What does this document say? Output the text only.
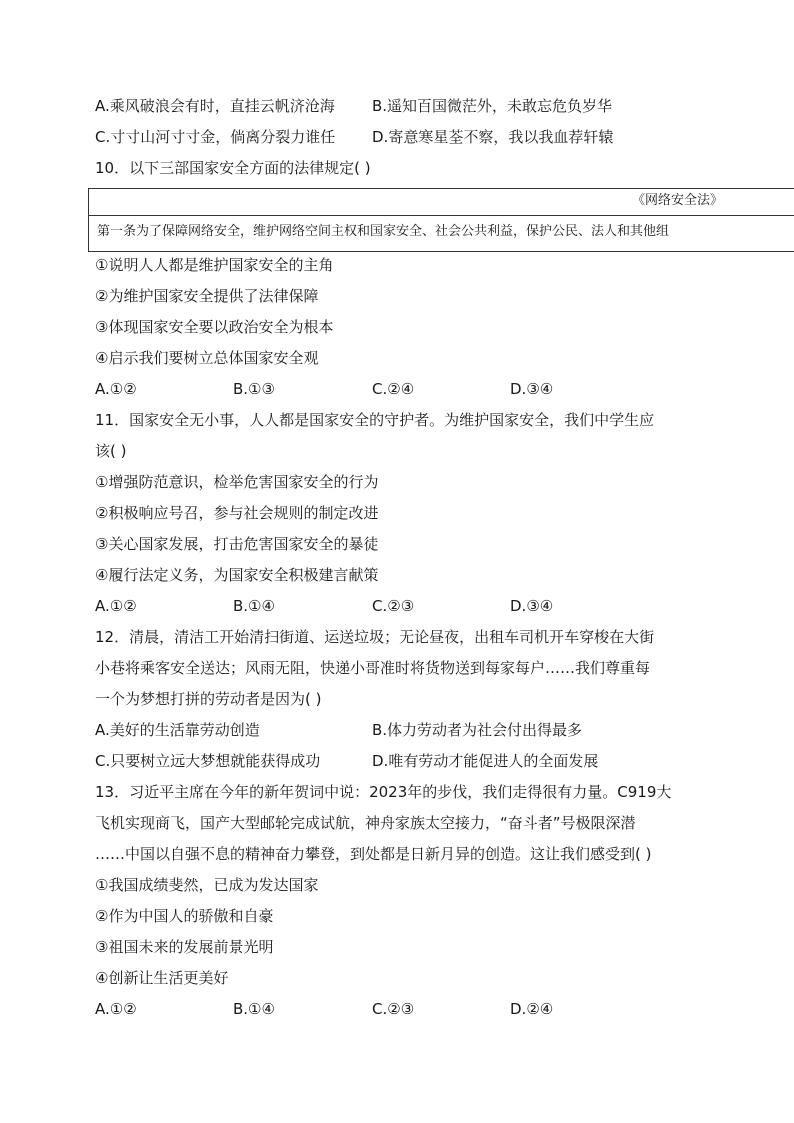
A.乘风破浪会有时，直挂云帆济沧海 B.遥知百国微茫外，未敢忘危负岁华
C.寸寸山河寸寸金，倘离分裂力谁任 D.寄意寒星荃不察，我以我血荐轩辕
10．以下三部国家安全方面的法律规定( )
《网络安全法》
第一条为了保障网络安全，维护网络空间主权和国家安全、社会公共利益，保护公民、法人和其他组
①说明人人都是维护国家安全的主角
②为维护国家安全提供了法律保障
③体现国家安全要以政治安全为根本
④启示我们要树立总体国家安全观
A.①②	B.①③	C.②④	D.③④
11．国家安全无小事，人人都是国家安全的守护者。为维护国家安全，我们中学生应
该( )
①增强防范意识，检举危害国家安全的行为
②积极响应号召，参与社会规则的制定改进
③关心国家发展，打击危害国家安全的暴徒
④履行法定义务，为国家安全积极建言献策
A.①②	B.①④	C.②③	D.③④
12．清晨，清洁工开始清扫街道、运送垃圾；无论昼夜，出租车司机开车穿梭在大街
小巷将乘客安全送达；风雨无阻，快递小哥准时将货物送到每家每户……我们尊重每
一个为梦想打拼的劳动者是因为( )
A.美好的生活靠劳动创造	B.体力劳动者为社会付出得最多
C.只要树立远大梦想就能获得成功	D.唯有劳动才能促进人的全面发展
13．习近平主席在今年的新年贺词中说：2023年的步伐，我们走得很有力量。C919大
飞机实现商飞，国产大型邮轮完成试航，神舟家族太空接力，“奋斗者”号极限深潜
……中国以自强不息的精神奋力攀登，到处都是日新月异的创造。这让我们感受到( )
①我国成绩斐然，已成为发达国家
②作为中国人的骄傲和自豪
③祖国未来的发展前景光明
④创新让生活更美好
A.①②	B.①④	C.②③	D.②④
